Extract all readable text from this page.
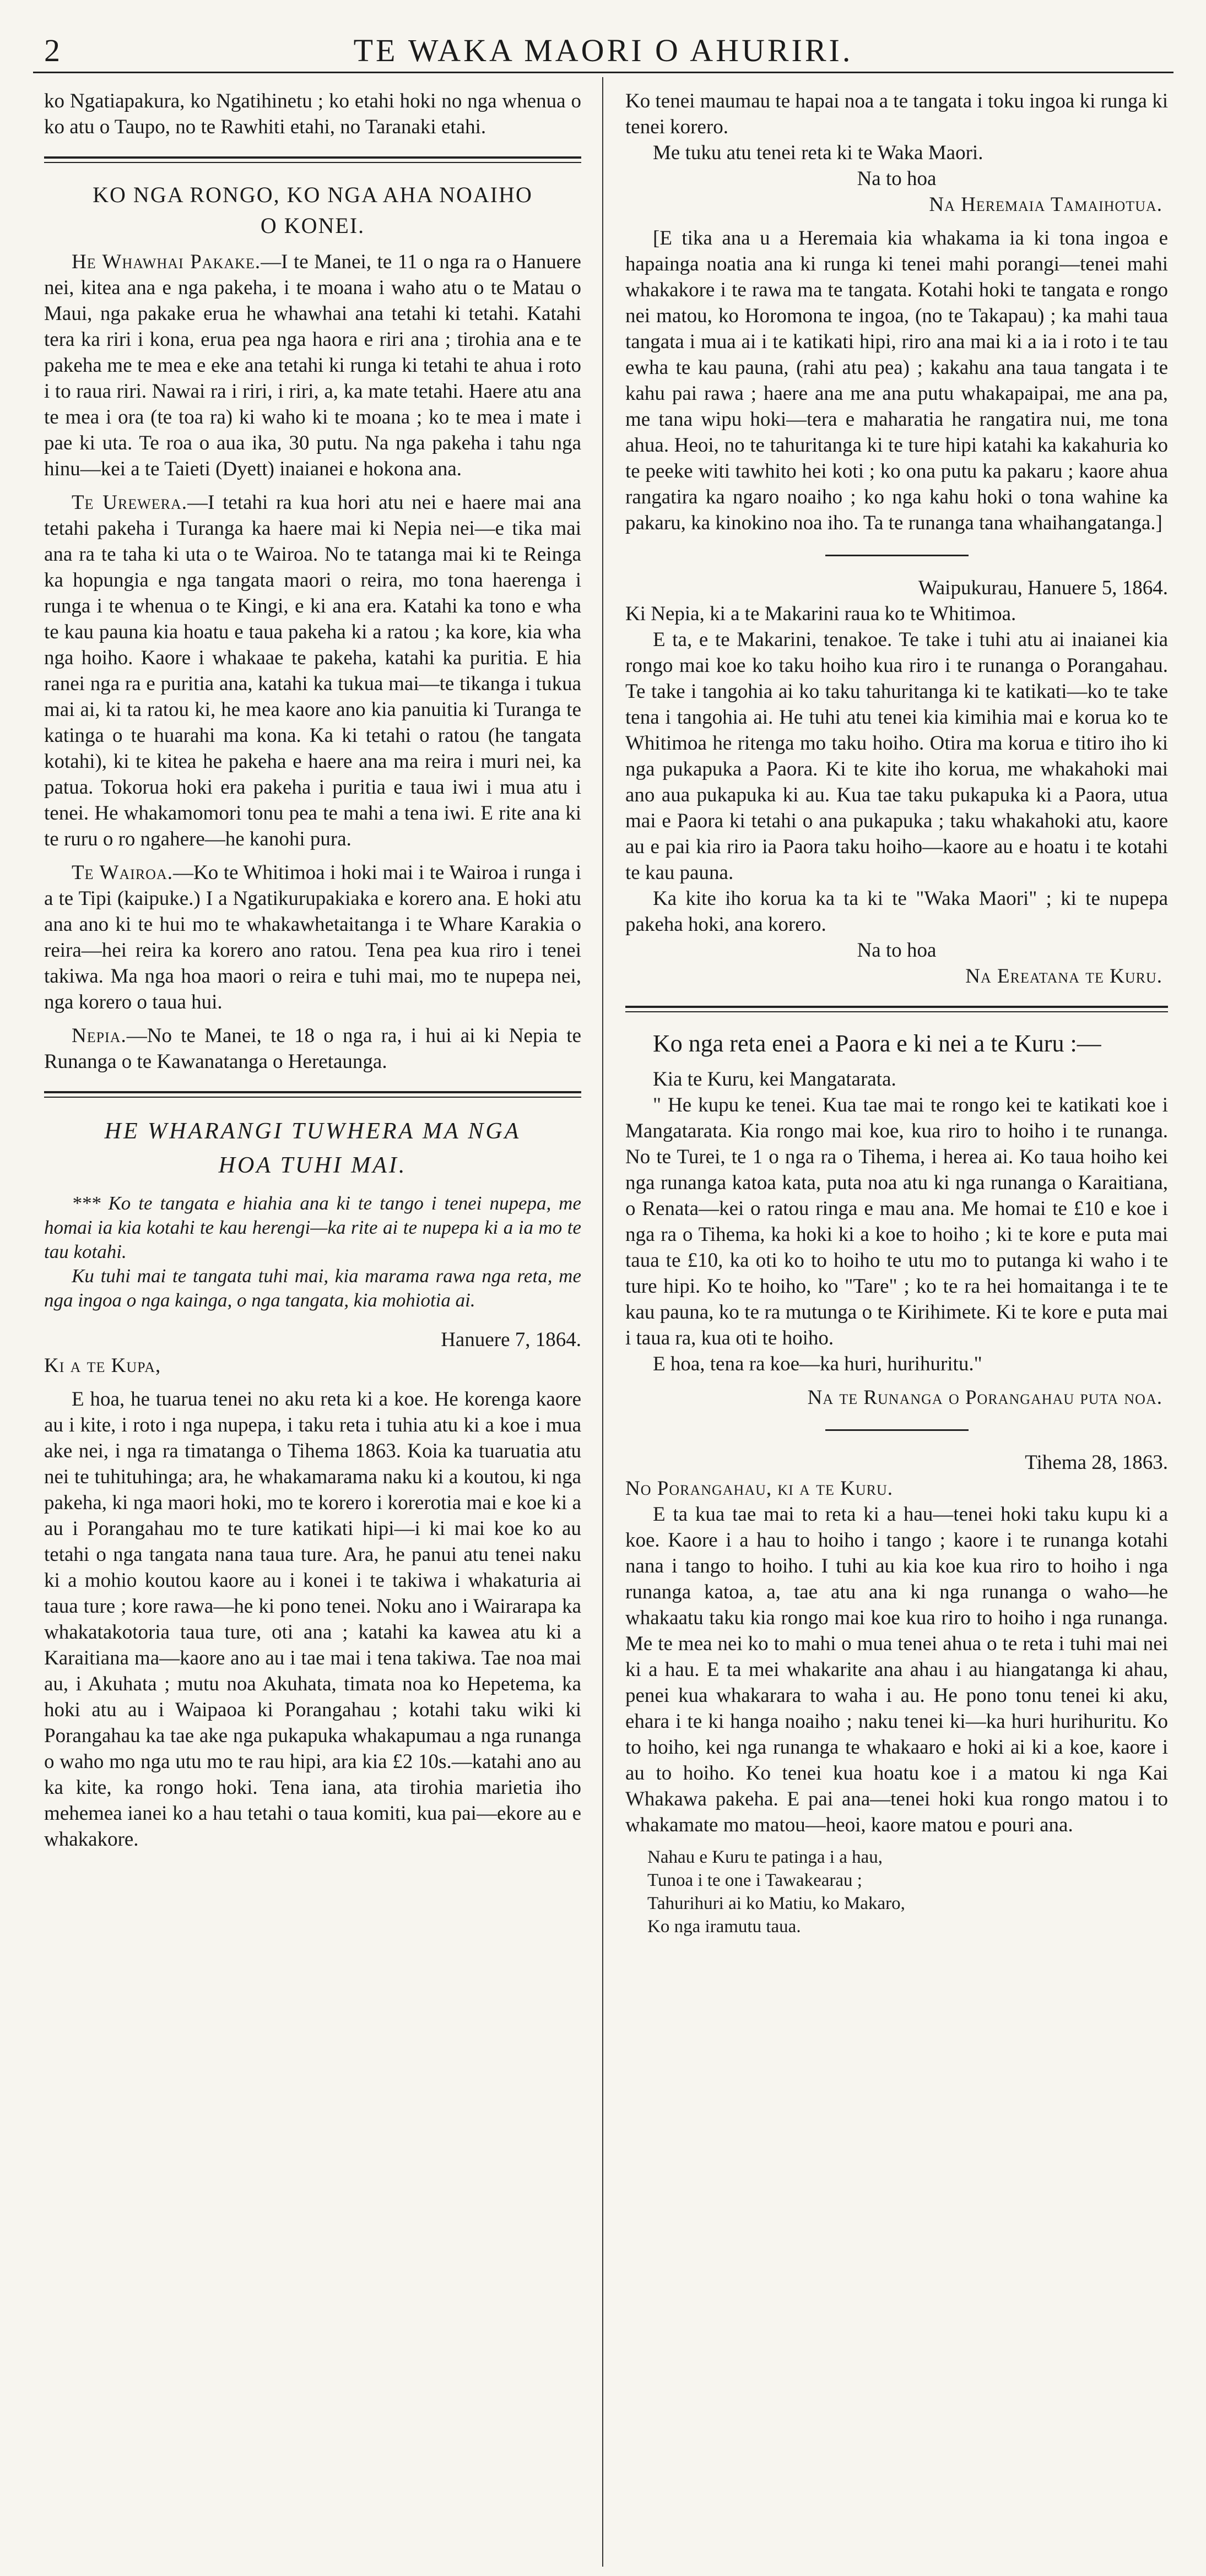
2	TE WAKA MAORI O AHURIRI.

ko Ngatiapakura, ko Ngatihinetu ; ko etahi hoki no nga whenua o ko atu o Taupo, no te Rawhiti etahi, no Taranaki etahi.

KO NGA RONGO, KO NGA AHA NOAIHO
O KONEI.

He Whawhai Pakake.—I te Manei, te 11 o nga ra o Hanuere nei, kitea ana e nga pakeha, i te moana i waho atu o te Matau o Maui, nga pakake erua he whawhai ana tetahi ki tetahi. Katahi tera ka riri i kona, erua pea nga haora e riri ana ; tirohia ana e te pakeha me te mea e eke ana tetahi ki runga ki tetahi te ahua i roto i to raua riri. Nawai ra i riri, i riri, a, ka mate tetahi. Haere atu ana te mea i ora (te toa ra) ki waho ki te moana ; ko te mea i mate i pae ki uta. Te roa o aua ika, 30 putu. Na nga pakeha i tahu nga hinu—kei a te Taieti (Dyett) inaianei e hokona ana.

Te Urewera.—I tetahi ra kua hori atu nei e haere mai ana tetahi pakeha i Turanga ka haere mai ki Nepia nei—e tika mai ana ra te taha ki uta o te Wairoa. No te tatanga mai ki te Reinga ka hopungia e nga tangata maori o reira, mo tona haerenga i runga i te whenua o te Kingi, e ki ana era. Katahi ka tono e wha te kau pauna kia hoatu e taua pakeha ki a ratou ; ka kore, kia wha nga hoiho. Kaore i whakaae te pakeha, katahi ka puritia. E hia ranei nga ra e puritia ana, katahi ka tukua mai—te tikanga i tukua mai ai, ki ta ratou ki, he mea kaore ano kia panuitia ki Turanga te katinga o te huarahi ma kona. Ka ki tetahi o ratou (he tangata kotahi), ki te kitea he pakeha e haere ana ma reira i muri nei, ka patua. Tokorua hoki era pakeha i puritia e taua iwi i mua atu i tenei. He whakamomori tonu pea te mahi a tena iwi. E rite ana ki te ruru o ro ngahere—he kanohi pura.

Te Wairoa.—Ko te Whitimoa i hoki mai i te Wairoa i runga i a te Tipi (kaipuke.) I a Ngatikurupakiaka e korero ana. E hoki atu ana ano ki te hui mo te whakawhetaitanga i te Whare Karakia o reira—hei reira ka korero ano ratou. Tena pea kua riro i tenei takiwa. Ma nga hoa maori o reira e tuhi mai, mo te nupepa nei, nga korero o taua hui.

Nepia.—No te Manei, te 18 o nga ra, i hui ai ki Nepia te Runanga o te Kawanatanga o Heretaunga.

HE WHARANGI TUWHERA MA NGA
HOA TUHI MAI.

*** Ko te tangata e hiahia ana ki te tango i tenei nupepa, me homai ia kia kotahi te kau herengi—ka rite ai te nupepa ki a ia mo te tau kotahi.

Ku tuhi mai te tangata tuhi mai, kia marama rawa nga reta, me nga ingoa o nga kainga, o nga tangata, kia mohiotia ai.

Hanuere 7, 1864.

Ki a te Kupa,

E hoa, he tuarua tenei no aku reta ki a koe. He korenga kaore au i kite, i roto i nga nupepa, i taku reta i tuhia atu ki a koe i mua ake nei, i nga ra timatanga o Tihema 1863. Koia ka tuaruatia atu nei te tuhituhinga; ara, he whakamarama naku ki a koutou, ki nga pakeha, ki nga maori hoki, mo te korero i korerotia mai e koe ki a au i Porangahau mo te ture katikati hipi—i ki mai koe ko au tetahi o nga tangata nana taua ture. Ara, he panui atu tenei naku ki a mohio koutou kaore au i konei i te takiwa i whakaturia ai taua ture ; kore rawa—he ki pono tenei. Noku ano i Wairarapa ka whakatakotoria taua ture, oti ana ; katahi ka kawea atu ki a Karaitiana ma—kaore ano au i tae mai i tena takiwa. Tae noa mai au, i Akuhata ; mutu noa Akuhata, timata noa ko Hepetema, ka hoki atu au i Waipaoa ki Porangahau ; kotahi taku wiki ki Porangahau ka tae ake nga pukapuka whakapumau a nga runanga o waho mo nga utu mo te rau hipi, ara kia £2 10s.—katahi ano au ka kite, ka rongo hoki. Tena iana, ata tirohia marietia iho mehemea ianei ko a hau tetahi o taua komiti, kua pai—ekore au e whakakore.

Ko tenei maumau te hapai noa a te tangata i toku ingoa ki runga ki tenei korero.

Me tuku atu tenei reta ki te Waka Maori.

Na to hoa

Na Heremaia Tamaihotua.

[E tika ana u a Heremaia kia whakama ia ki tona ingoa e hapainga noatia ana ki runga ki tenei mahi porangi—tenei mahi whakakore i te rawa ma te tangata. Kotahi hoki te tangata e rongo nei matou, ko Horomona te ingoa, (no te Takapau) ; ka mahi taua tangata i mua ai i te katikati hipi, riro ana mai ki a ia i roto i te tau ewha te kau pauna, (rahi atu pea) ; kakahu ana taua tangata i te kahu pai rawa ; haere ana me ana putu whakapaipai, me ana pa, me tana wipu hoki—tera e maharatia he rangatira nui, me tona ahua. Heoi, no te tahuritanga ki te ture hipi katahi ka kakahuria ko te peeke witi tawhito hei koti ; ko ona putu ka pakaru ; kaore ahua rangatira ka ngaro noaiho ; ko nga kahu hoki o tona wahine ka pakaru, ka kinokino noa iho. Ta te runanga tana whaihangatanga.]

Waipukurau, Hanuere 5, 1864.

Ki Nepia, ki a te Makarini raua ko te Whitimoa.

E ta, e te Makarini, tenakoe. Te take i tuhi atu ai inaianei kia rongo mai koe ko taku hoiho kua riro i te runanga o Porangahau. Te take i tangohia ai ko taku tahuritanga ki te katikati—ko te take tena i tangohia ai. He tuhi atu tenei kia kimihia mai e korua ko te Whitimoa he ritenga mo taku hoiho. Otira ma korua e titiro iho ki nga pukapuka a Paora. Ki te kite iho korua, me whakahoki mai ano aua pukapuka ki au. Kua tae taku pukapuka ki a Paora, utua mai e Paora ki tetahi o ana pukapuka ; taku whakahoki atu, kaore au e pai kia riro ia Paora taku hoiho—kaore au e hoatu i te kotahi te kau pauna.

Ka kite iho korua ka ta ki te "Waka Maori" ; ki te nupepa pakeha hoki, ana korero.

Na to hoa

Na Ereatana te Kuru.

Ko nga reta enei a Paora e ki nei a te Kuru :—

Kia te Kuru, kei Mangatarata.

" He kupu ke tenei. Kua tae mai te rongo kei te katikati koe i Mangatarata. Kia rongo mai koe, kua riro to hoiho i te runanga. No te Turei, te 1 o nga ra o Tihema, i herea ai. Ko taua hoiho kei nga runanga katoa kata, puta noa atu ki nga runanga o Karaitiana, o Renata—kei o ratou ringa e mau ana. Me homai te £10 e koe i nga ra o Tihema, ka hoki ki a koe to hoiho ; ki te kore e puta mai taua te £10, ka oti ko to hoiho te utu mo to putanga ki waho i te ture hipi. Ko te hoiho, ko "Tare" ; ko te ra hei homaitanga i te te kau pauna, ko te ra mutunga o te Kirihimete. Ki te kore e puta mai i taua ra, kua oti te hoiho.

E hoa, tena ra koe—ka huri, hurihuritu."

Na te Runanga o Porangahau puta noa.

Tihema 28, 1863.

No Porangahau, ki a te Kuru.

E ta kua tae mai to reta ki a hau—tenei hoki taku kupu ki a koe. Kaore i a hau to hoiho i tango ; kaore i te runanga kotahi nana i tango to hoiho. I tuhi au kia koe kua riro to hoiho i nga runanga katoa, a, tae atu ana ki nga runanga o waho—he whakaatu taku kia rongo mai koe kua riro to hoiho i nga runanga. Me te mea nei ko to mahi o mua tenei ahua o te reta i tuhi mai nei ki a hau. E ta mei whakarite ana ahau i au hiangatanga ki ahau, penei kua whakarara to waha i au. He pono tonu tenei ki aku, ehara i te ki hanga noaiho ; naku tenei ki—ka huri hurihuritu. Ko to hoiho, kei nga runanga te whakaaro e hoki ai ki a koe, kaore i au to hoiho. Ko tenei kua hoatu koe i a matou ki nga Kai Whakawa pakeha. E pai ana—tenei hoki kua rongo matou i to whakamate mo matou—heoi, kaore matou e pouri ana.

Nahau e Kuru te patinga i a hau,
Tunoa i te one i Tawakearau ;
Tahurihuri ai ko Matiu, ko Makaro,
Ko nga iramutu taua.
